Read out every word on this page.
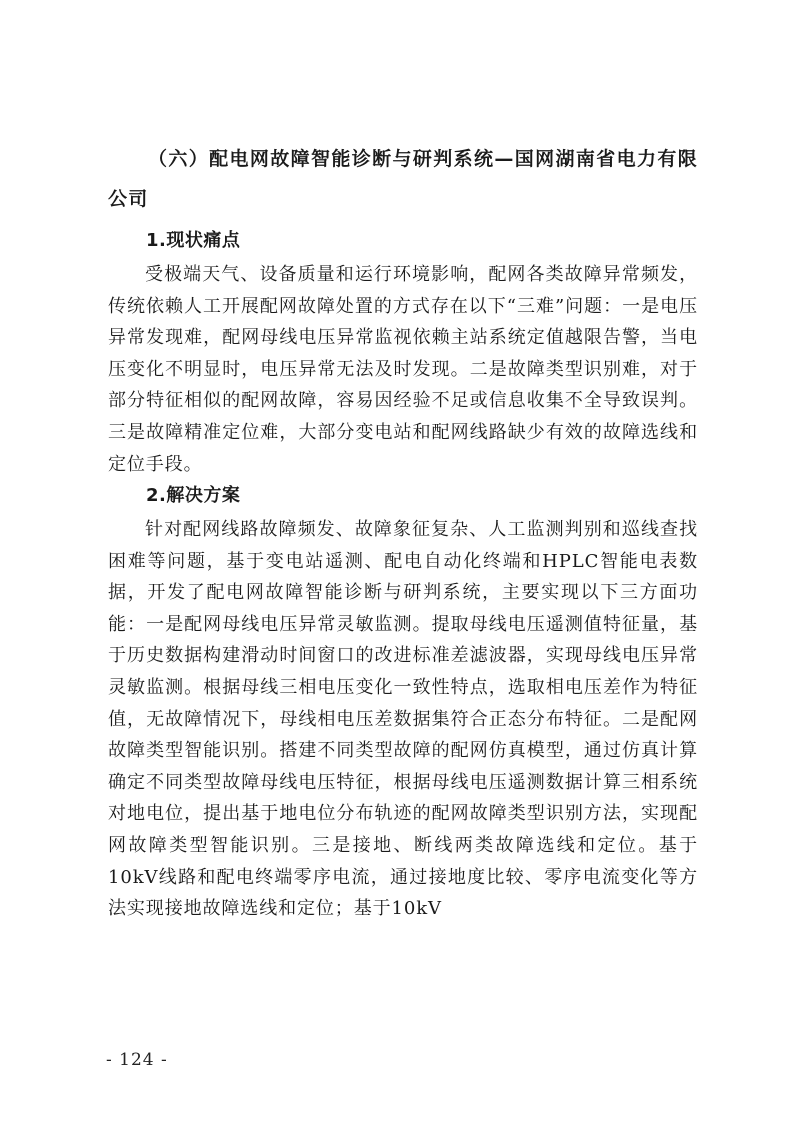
（六）配电网故障智能诊断与研判系统—国网湖南省电力有限公司
1.现状痛点

受极端天气、设备质量和运行环境影响，配网各类故障异常频发，传统依赖人工开展配网故障处置的方式存在以下“三难”问题：一是电压异常发现难，配网母线电压异常监视依赖主站系统定值越限告警，当电压变化不明显时，电压异常无法及时发现。二是故障类型识别难，对于部分特征相似的配网故障，容易因经验不足或信息收集不全导致误判。三是故障精准定位难，大部分变电站和配网线路缺少有效的故障选线和定位手段。

2.解决方案

针对配网线路故障频发、故障象征复杂、人工监测判别和巡线查找困难等问题，基于变电站遥测、配电自动化终端和HPLC智能电表数据，开发了配电网故障智能诊断与研判系统，主要实现以下三方面功能：一是配网母线电压异常灵敏监测。提取母线电压遥测值特征量，基于历史数据构建滑动时间窗口的改进标准差滤波器，实现母线电压异常灵敏监测。根据母线三相电压变化一致性特点，选取相电压差作为特征值，无故障情况下，母线相电压差数据集符合正态分布特征。二是配网故障类型智能识别。搭建不同类型故障的配网仿真模型，通过仿真计算确定不同类型故障母线电压特征，根据母线电压遥测数据计算三相系统对地电位，提出基于地电位分布轨迹的配网故障类型识别方法，实现配网故障类型智能识别。三是接地、断线两类故障选线和定位。基于10kV线路和配电终端零序电流，通过接地度比较、零序电流变化等方法实现接地故障选线和定位；基于10kV

- 124 -
